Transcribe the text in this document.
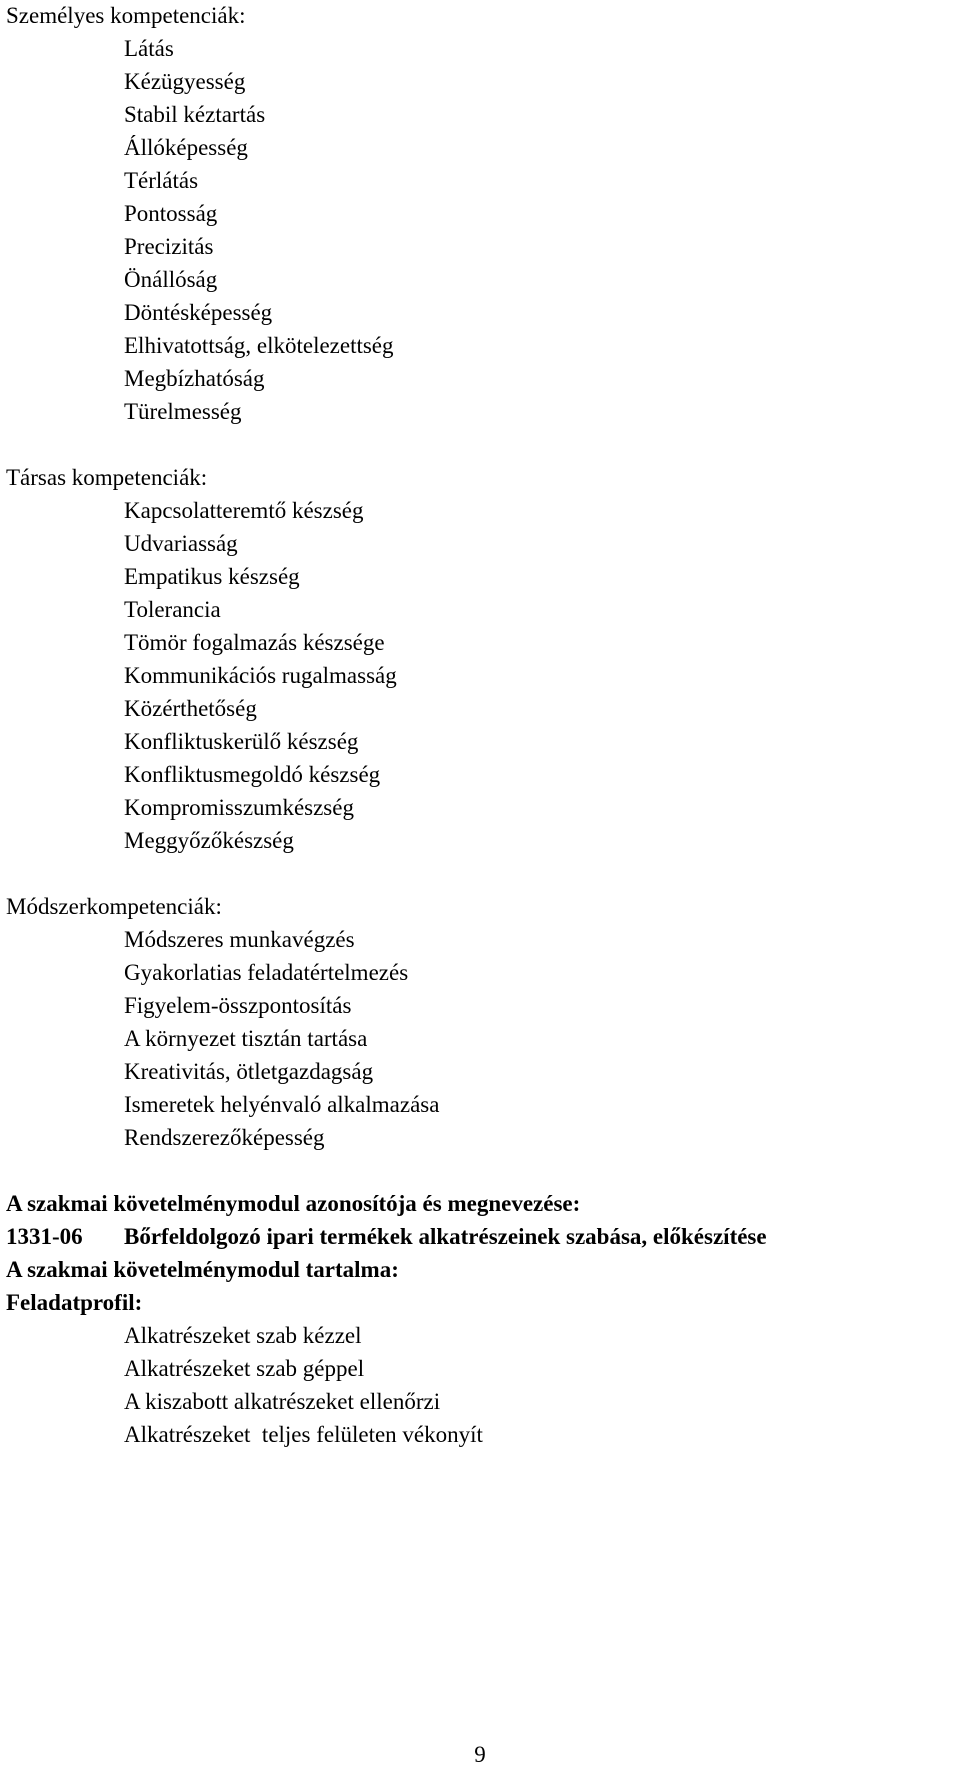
Személyes kompetenciák:
Látás
Kézügyesség
Stabil kéztartás
Állóképesség
Térlátás
Pontosság
Precizitás
Önállóság
Döntésképesség
Elhivatottság, elkötelezettség
Megbízhatóság
Türelmesség
Társas kompetenciák:
Kapcsolatteremtő készség
Udvariasság
Empatikus készség
Tolerancia
Tömör fogalmazás készsége
Kommunikációs rugalmasság
Közérthetőség
Konfliktuskerülő készség
Konfliktusmegoldó készség
Kompromisszumkészség
Meggyőzőkészség
Módszerkompetenciák:
Módszeres munkavégzés
Gyakorlatias feladatértelmezés
Figyelem-összpontosítás
A környezet tisztán tartása
Kreativitás, ötletgazdagság
Ismeretek helyénvaló alkalmazása
Rendszerezőképesség
A szakmai követelménymodul azonosítója és megnevezése:
1331-06 Bőrfeldolgozó ipari termékek alkatrészeinek szabása, előkészítése
A szakmai követelménymodul tartalma:
Feladatprofil:
Alkatrészeket szab kézzel
Alkatrészeket szab géppel
A kiszabott alkatrészeket ellenőrzi
Alkatrészeket  teljes felületen vékonyít
9
